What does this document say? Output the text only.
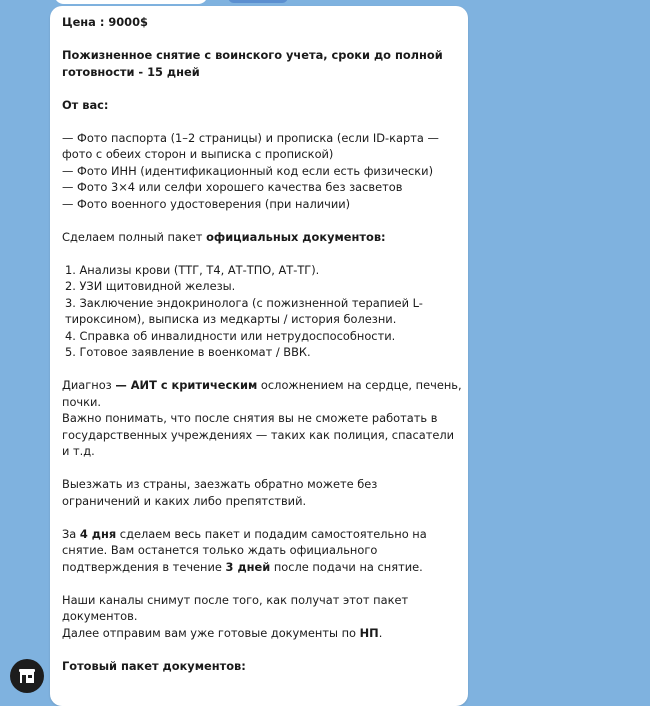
Цена : 9000$
Пожизненное снятие с воинского учета, сроки до полной
готовности - 15 дней
От вас:
— Фото паспорта (1–2 страницы) и прописка (если ID-карта —
фото с обеих сторон и выписка с пропиской)
— Фото ИНН (идентификационный код если есть физически)
— Фото 3×4 или селфи хорошего качества без засветов
— Фото военного удостоверения (при наличии)
Сделаем полный пакет официальных документов:
1. Анализы крови (ТТГ, Т4, АТ-ТПО, АТ-ТГ).
2. УЗИ щитовидной железы.
3. Заключение эндокринолога (с пожизненной терапией L-
тироксином), выписка из медкарты / история болезни.
4. Справка об инвалидности или нетрудоспособности.
5. Готовое заявление в военкомат / ВВК.
Диагноз — АИТ с критическим осложнением на сердце, печень,
почки.
Важно понимать, что после снятия вы не сможете работать в
государственных учреждениях — таких как полиция, спасатели
и т.д.
Выезжать из страны, заезжать обратно можете без
ограничений и каких либо препятствий.
За 4 дня сделаем весь пакет и подадим самостоятельно на
снятие. Вам останется только ждать официального
подтверждения в течение 3 дней после подачи на снятие.
Наши каналы снимут после того, как получат этот пакет
документов.
Далее отправим вам уже готовые документы по НП.
Готовый пакет документов:
